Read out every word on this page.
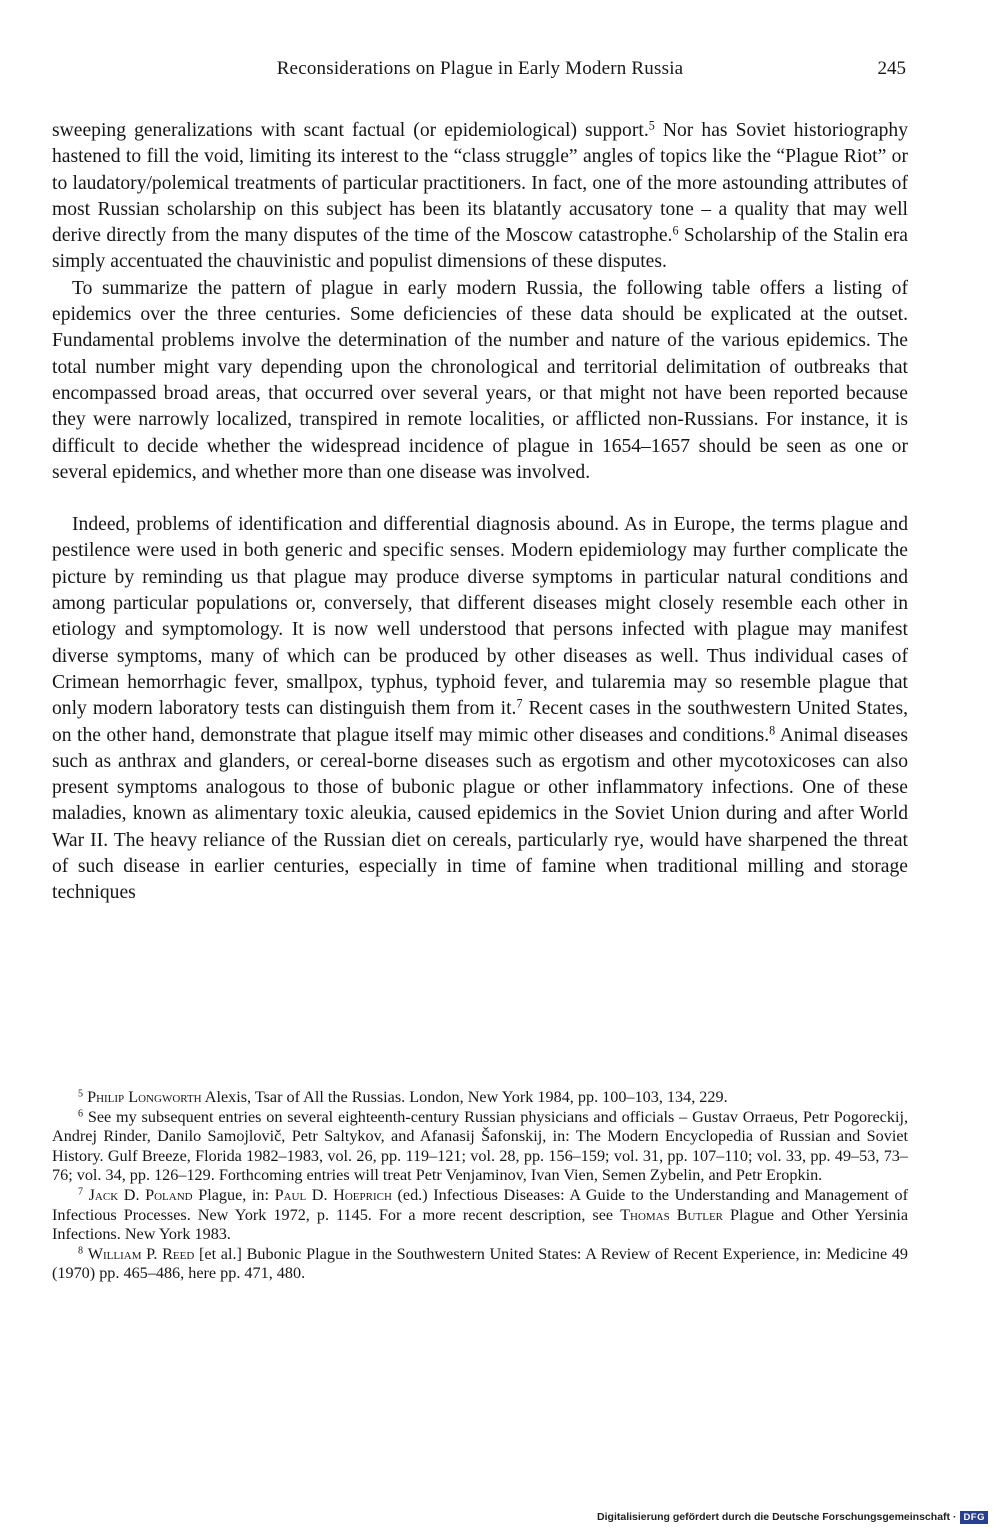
Reconsiderations on Plague in Early Modern Russia	245

sweeping generalizations with scant factual (or epidemiological) support.$^5$ Nor has Soviet historiography hastened to fill the void, limiting its interest to the “class struggle” angles of topics like the “Plague Riot” or to laudatory/polemical treatments of particular practitioners. In fact, one of the more astounding attributes of most Russian scholarship on this subject has been its blatantly accusatory tone – a quality that may well derive directly from the many disputes of the time of the Moscow catastrophe.$^6$ Scholarship of the Stalin era simply accentuated the chauvinistic and populist dimensions of these disputes.

To summarize the pattern of plague in early modern Russia, the following table offers a listing of epidemics over the three centuries. Some deficiencies of these data should be explicated at the outset. Fundamental problems involve the determination of the number and nature of the various epidemics. The total number might vary depending upon the chronological and territorial delimitation of outbreaks that encompassed broad areas, that occurred over several years, or that might not have been reported because they were narrowly localized, transpired in remote localities, or afflicted non-Russians. For instance, it is difficult to decide whether the widespread incidence of plague in 1654–1657 should be seen as one or several epidemics, and whether more than one disease was involved.

Indeed, problems of identification and differential diagnosis abound. As in Europe, the terms plague and pestilence were used in both generic and specific senses. Modern epidemiology may further complicate the picture by reminding us that plague may produce diverse symptoms in particular natural conditions and among particular populations or, conversely, that different diseases might closely resemble each other in etiology and symptomology. It is now well understood that persons infected with plague may manifest diverse symptoms, many of which can be produced by other diseases as well. Thus individual cases of Crimean hemorrhagic fever, smallpox, typhus, typhoid fever, and tularemia may so resemble plague that only modern laboratory tests can distinguish them from it.$^7$ Recent cases in the southwestern United States, on the other hand, demonstrate that plague itself may mimic other diseases and conditions.$^8$ Animal diseases such as anthrax and glanders, or cereal-borne diseases such as ergotism and other mycotoxicoses can also present symptoms analogous to those of bubonic plague or other inflammatory infections. One of these maladies, known as alimentary toxic aleukia, caused epidemics in the Soviet Union during and after World War II. The heavy reliance of the Russian diet on cereals, particularly rye, would have sharpened the threat of such disease in earlier centuries, especially in time of famine when traditional milling and storage techniques

$^5$ Philip Longworth Alexis, Tsar of All the Russias. London, New York 1984, pp. 100–103, 134, 229.

$^6$ See my subsequent entries on several eighteenth-century Russian physicians and officials – Gustav Orraeus, Petr Pogoreckij, Andrej Rinder, Danilo Samojlovič, Petr Saltykov, and Afanasij Šafonskij, in: The Modern Encyclopedia of Russian and Soviet History. Gulf Breeze, Florida 1982–1983, vol. 26, pp. 119–121; vol. 28, pp. 156–159; vol. 31, pp. 107–110; vol. 33, pp. 49–53, 73–76; vol. 34, pp. 126–129. Forthcoming entries will treat Petr Venjaminov, Ivan Vien, Semen Zybelin, and Petr Eropkin.

$^7$ Jack D. Poland Plague, in: Paul D. Hoeprich (ed.) Infectious Diseases: A Guide to the Understanding and Management of Infectious Processes. New York 1972, p. 1145. For a more recent description, see Thomas Butler Plague and Other Yersinia Infections. New York 1983.

$^8$ William P. Reed [et al.] Bubonic Plague in the Southwestern United States: A Review of Recent Experience, in: Medicine 49 (1970) pp. 465–486, here pp. 471, 480.

Digitalisierung gefördert durch die Deutsche Forschungsgemeinschaft · DFG
